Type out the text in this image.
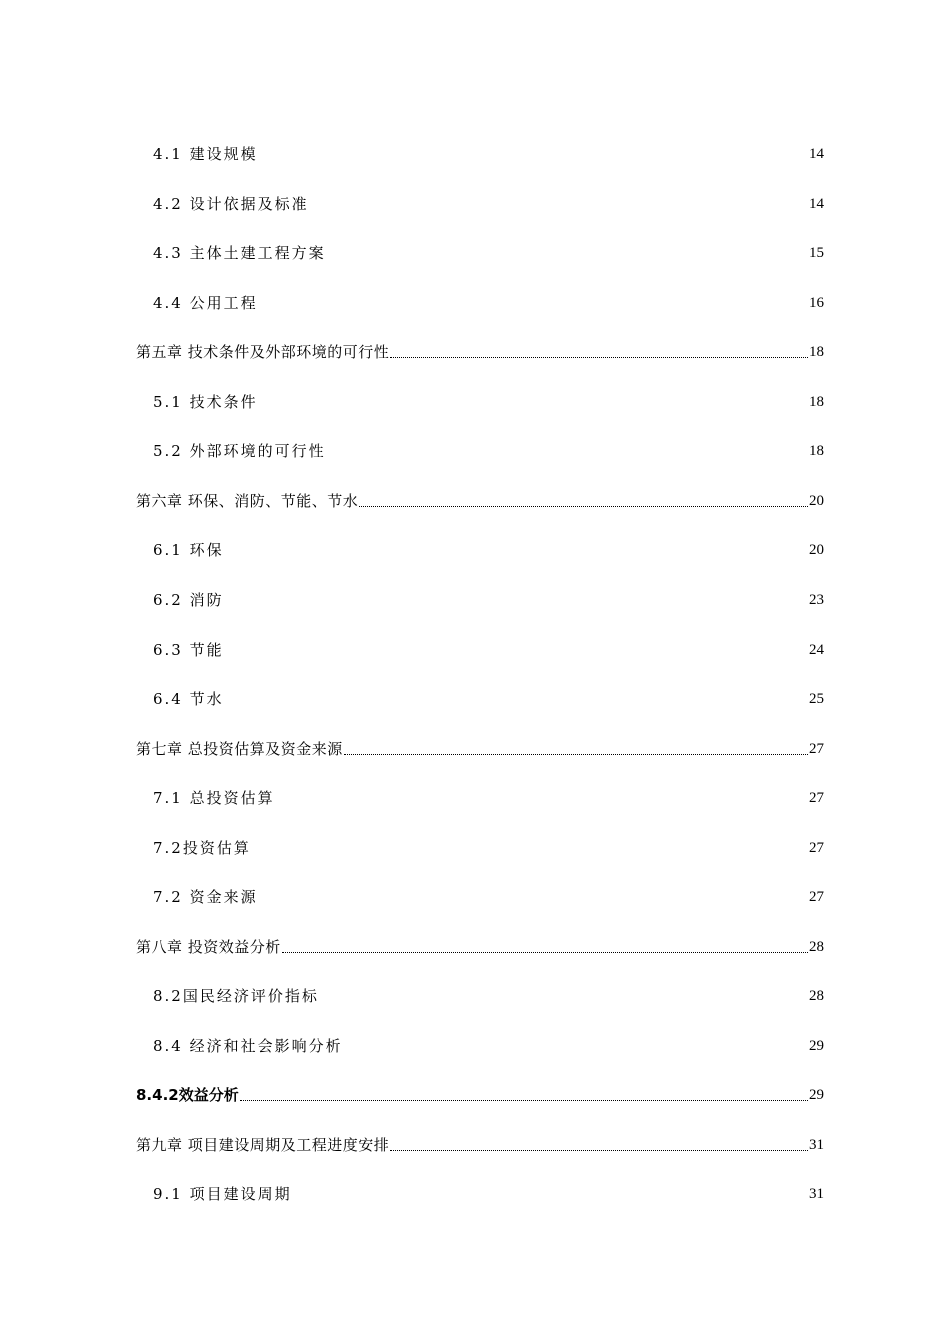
4.1 建设规模	14
4.2 设计依据及标准	14
4.3 主体土建工程方案	15
4.4 公用工程	16
第五章 技术条件及外部环境的可行性	18
5.1 技术条件	18
5.2 外部环境的可行性	18
第六章 环保、消防、节能、节水	20
6.1 环保	20
6.2 消防	23
6.3 节能	24
6.4 节水	25
第七章 总投资估算及资金来源	27
7.1 总投资估算	27
7.2投资估算	27
7.2 资金来源	27
第八章 投资效益分析	28
8.2国民经济评价指标	28
8.4 经济和社会影响分析	29
8.4.2效益分析	29
第九章 项目建设周期及工程进度安排	31
9.1 项目建设周期	31
